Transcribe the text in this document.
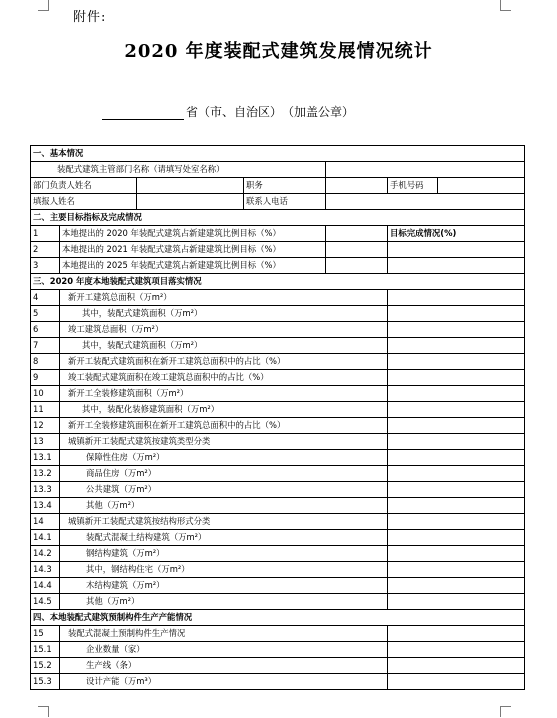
附件:
2020 年度装配式建筑发展情况统计
省（市、自治区） （加盖公章）
一、基本情况						
装配式建筑主管部门名称（请填写处室名称）						
部门负责人姓名			职务		手机号码	
填报人姓名			联系人电话			
二、主要目标指标及完成情况						
1	本地提出的 2020 年装配式建筑占新建建筑比例目标（%）				目标完成情况(%)	
2	本地提出的 2021 年装配式建筑占新建建筑比例目标（%）					
3	本地提出的 2025 年装配式建筑占新建建筑比例目标（%）					
三、2020 年度本地装配式建筑项目落实情况						
4	新开工建筑总面积（万m²）					
5	其中，装配式建筑面积（万m²）					
6	竣工建筑总面积（万m²）					
7	其中，装配式建筑面积（万m²）					
8	新开工装配式建筑面积在新开工建筑总面积中的占比（%）					
9	竣工装配式建筑面积在竣工建筑总面积中的占比（%）					
10	新开工全装修建筑面积（万m²）					
11	其中，装配化装修建筑面积（万m²）					
12	新开工全装修建筑面积在新开工建筑总面积中的占比（%）					
13	城镇新开工装配式建筑按建筑类型分类					
13.1	保障性住房（万m²）					
13.2	商品住房（万m²）					
13.3	公共建筑（万m²）					
13.4	其他（万m²）					
14	城镇新开工装配式建筑按结构形式分类					
14.1	装配式混凝土结构建筑（万m²）					
14.2	钢结构建筑（万m²）					
14.3	其中，钢结构住宅（万m²）					
14.4	木结构建筑（万m²）					
14.5	其他（万m²）					
四、本地装配式建筑预制构件生产产能情况						
15	装配式混凝土预制构件生产情况					
15.1	企业数量（家）					
15.2	生产线（条）					
15.3	设计产能（万m³）					
